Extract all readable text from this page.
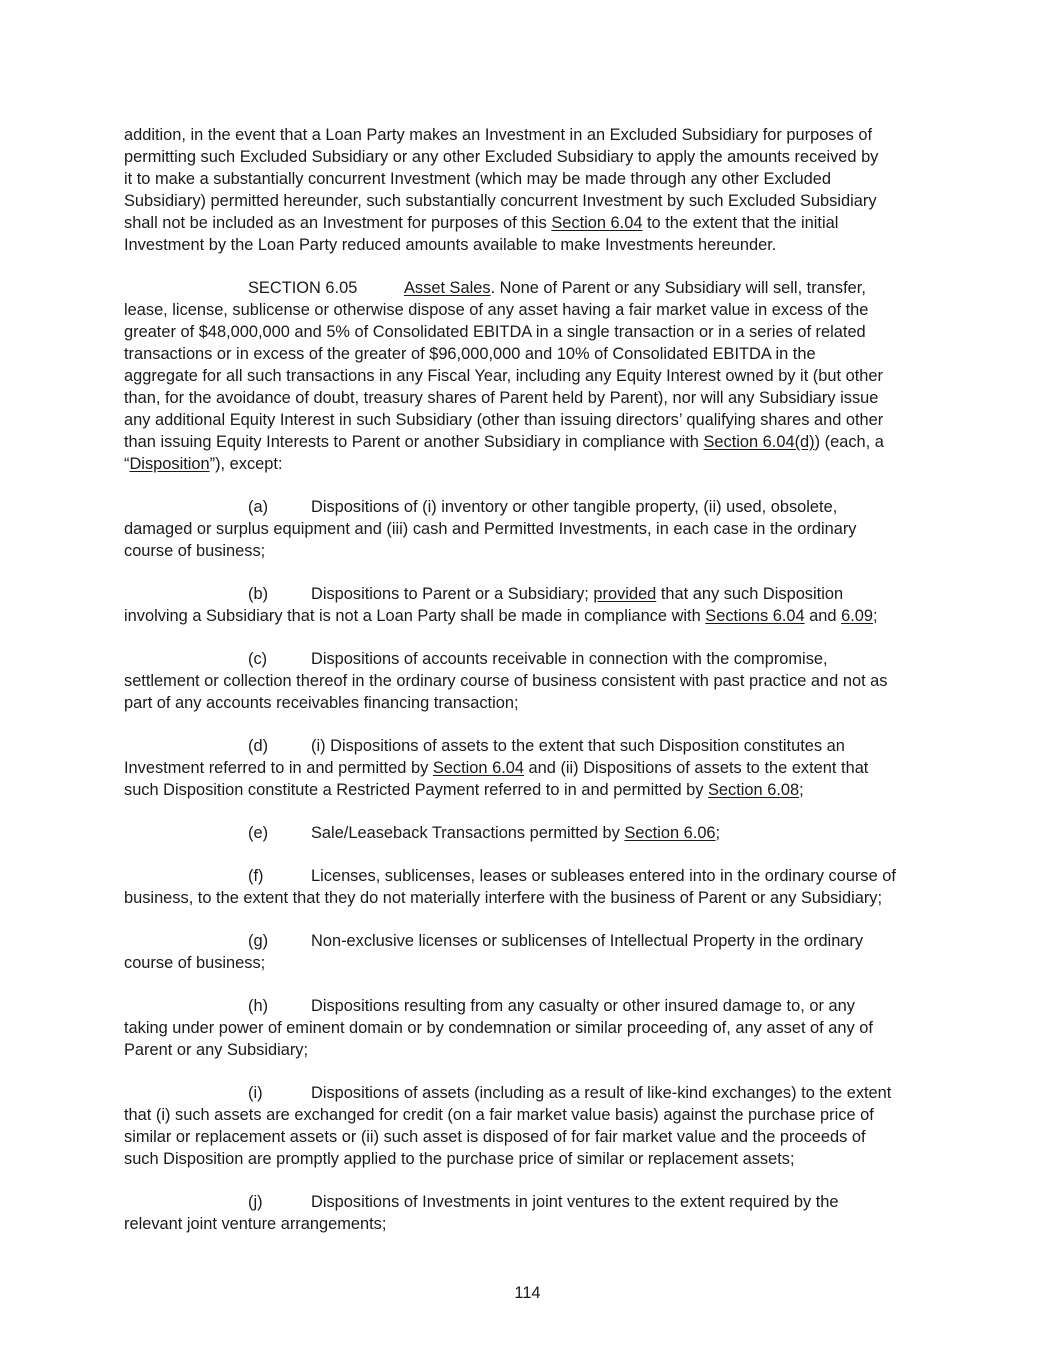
addition, in the event that a Loan Party makes an Investment in an Excluded Subsidiary for purposes of
permitting such Excluded Subsidiary or any other Excluded Subsidiary to apply the amounts received by
it to make a substantially concurrent Investment (which may be made through any other Excluded
Subsidiary) permitted hereunder, such substantially concurrent Investment by such Excluded Subsidiary
shall not be included as an Investment for purposes of this Section 6.04 to the extent that the initial
Investment by the Loan Party reduced amounts available to make Investments hereunder.

SECTION 6.05	Asset Sales. None of Parent or any Subsidiary will sell, transfer,
lease, license, sublicense or otherwise dispose of any asset having a fair market value in excess of the
greater of $48,000,000 and 5% of Consolidated EBITDA in a single transaction or in a series of related
transactions or in excess of the greater of $96,000,000 and 10% of Consolidated EBITDA in the
aggregate for all such transactions in any Fiscal Year, including any Equity Interest owned by it (but other
than, for the avoidance of doubt, treasury shares of Parent held by Parent), nor will any Subsidiary issue
any additional Equity Interest in such Subsidiary (other than issuing directors’ qualifying shares and other
than issuing Equity Interests to Parent or another Subsidiary in compliance with Section 6.04(d)) (each, a
“Disposition”), except:

(a)	Dispositions of (i) inventory or other tangible property, (ii) used, obsolete,
damaged or surplus equipment and (iii) cash and Permitted Investments, in each case in the ordinary
course of business;

(b)	Dispositions to Parent or a Subsidiary; provided that any such Disposition
involving a Subsidiary that is not a Loan Party shall be made in compliance with Sections 6.04 and 6.09;

(c)	Dispositions of accounts receivable in connection with the compromise,
settlement or collection thereof in the ordinary course of business consistent with past practice and not as
part of any accounts receivables financing transaction;

(d)	(i) Dispositions of assets to the extent that such Disposition constitutes an
Investment referred to in and permitted by Section 6.04 and (ii) Dispositions of assets to the extent that
such Disposition constitute a Restricted Payment referred to in and permitted by Section 6.08;

(e)	Sale/Leaseback Transactions permitted by Section 6.06;

(f)	Licenses, sublicenses, leases or subleases entered into in the ordinary course of
business, to the extent that they do not materially interfere with the business of Parent or any Subsidiary;

(g)	Non-exclusive licenses or sublicenses of Intellectual Property in the ordinary
course of business;

(h)	Dispositions resulting from any casualty or other insured damage to, or any
taking under power of eminent domain or by condemnation or similar proceeding of, any asset of any of
Parent or any Subsidiary;

(i)	Dispositions of assets (including as a result of like-kind exchanges) to the extent
that (i) such assets are exchanged for credit (on a fair market value basis) against the purchase price of
similar or replacement assets or (ii) such asset is disposed of for fair market value and the proceeds of
such Disposition are promptly applied to the purchase price of similar or replacement assets;

(j)	Dispositions of Investments in joint ventures to the extent required by the
relevant joint venture arrangements;

114
